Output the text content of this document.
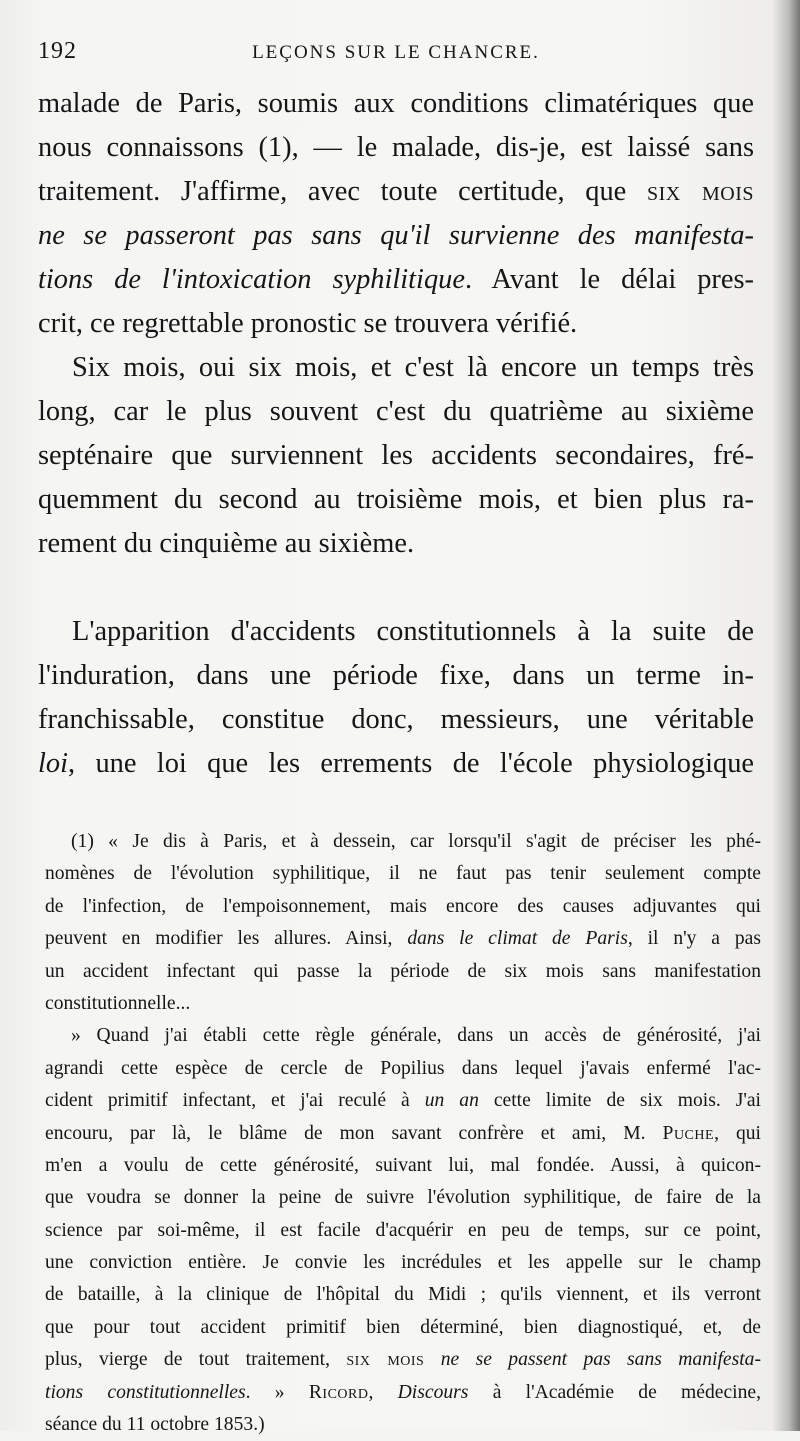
192	LEÇONS SUR LE CHANCRE.
malade de Paris, soumis aux conditions climatériques que
nous connaissons (1), — le malade, dis-je, est laissé sans
traitement. J'affirme, avec toute certitude, que six mois
ne se passeront pas sans qu'il survienne des manifesta-
tions de l'intoxication syphilitique. Avant le délai pres-
crit, ce regrettable pronostic se trouvera vérifié.
Six mois, oui six mois, et c'est là encore un temps très
long, car le plus souvent c'est du quatrième au sixième
septénaire que surviennent les accidents secondaires, fré-
quemment du second au troisième mois, et bien plus ra-
rement du cinquième au sixième.
L'apparition d'accidents constitutionnels à la suite de
l'induration, dans une période fixe, dans un terme in-
franchissable, constitue donc, messieurs, une véritable
loi, une loi que les errements de l'école physiologique
(1) « Je dis à Paris, et à dessein, car lorsqu'il s'agit de préciser les phé-
nomènes de l'évolution syphilitique, il ne faut pas tenir seulement compte
de l'infection, de l'empoisonnement, mais encore des causes adjuvantes qui
peuvent en modifier les allures. Ainsi, dans le climat de Paris, il n'y a pas
un accident infectant qui passe la période de six mois sans manifestation
constitutionnelle...
» Quand j'ai établi cette règle générale, dans un accès de générosité, j'ai
agrandi cette espèce de cercle de Popilius dans lequel j'avais enfermé l'ac-
cident primitif infectant, et j'ai reculé à un an cette limite de six mois. J'ai
encouru, par là, le blâme de mon savant confrère et ami, M. Puche, qui
m'en a voulu de cette générosité, suivant lui, mal fondée. Aussi, à quicon-
que voudra se donner la peine de suivre l'évolution syphilitique, de faire de la
science par soi-même, il est facile d'acquérir en peu de temps, sur ce point,
une conviction entière. Je convie les incrédules et les appelle sur le champ
de bataille, à la clinique de l'hôpital du Midi ; qu'ils viennent, et ils verront
que pour tout accident primitif bien déterminé, bien diagnostiqué, et, de
plus, vierge de tout traitement, six mois ne se passent pas sans manifesta-
tions constitutionnelles. » Ricord, Discours à l'Académie de médecine,
séance du 11 octobre 1853.)
